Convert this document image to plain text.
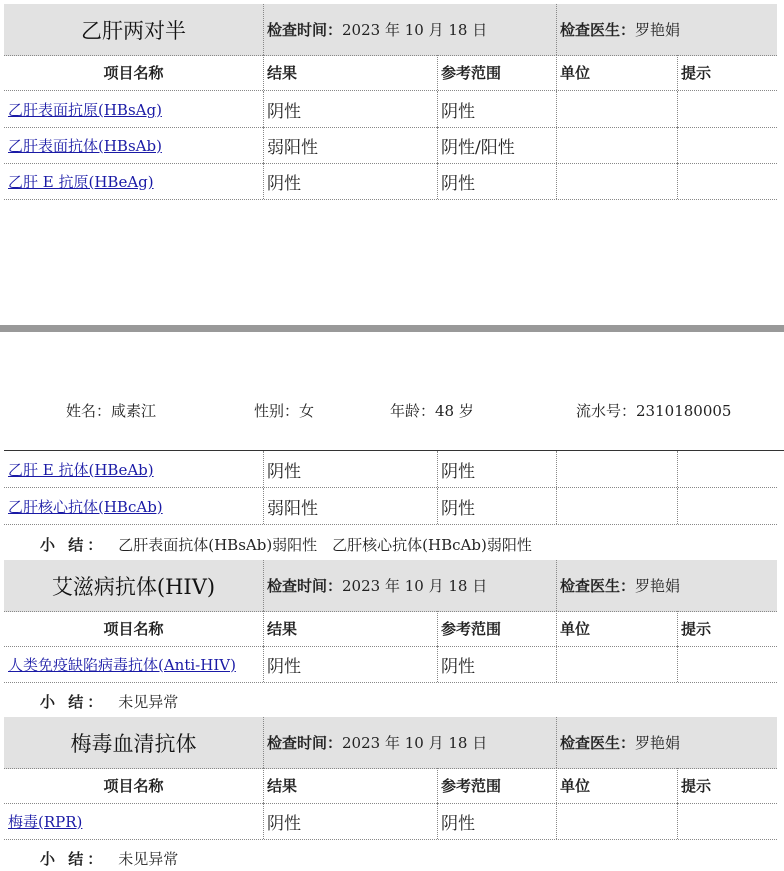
乙肝两对半	检查时间： 2023 年 10 月 18 日	检查医生： 罗艳娟
项目名称	结果	参考范围	单位	提示
乙肝表面抗原(HBsAg)	阴性	阴性
乙肝表面抗体(HBsAb)	弱阳性	阴性/阳性
乙肝 E 抗原(HBeAg)	阴性	阴性
姓名：咸素江	性别：女	年龄：48 岁	流水号：2310180005
乙肝 E 抗体(HBeAb)	阴性	阴性
乙肝核心抗体(HBcAb)	弱阳性	阴性
小 结： 乙肝表面抗体(HBsAb)弱阳性　乙肝核心抗体(HBcAb)弱阳性
艾滋病抗体(HIV)	检查时间： 2023 年 10 月 18 日	检查医生： 罗艳娟
项目名称	结果	参考范围	单位	提示
人类免疫缺陷病毒抗体(Anti-HIV)	阴性	阴性
小 结： 未见异常
梅毒血清抗体	检查时间： 2023 年 10 月 18 日	检查医生： 罗艳娟
项目名称	结果	参考范围	单位	提示
梅毒(RPR)	阴性	阴性
小 结： 未见异常
